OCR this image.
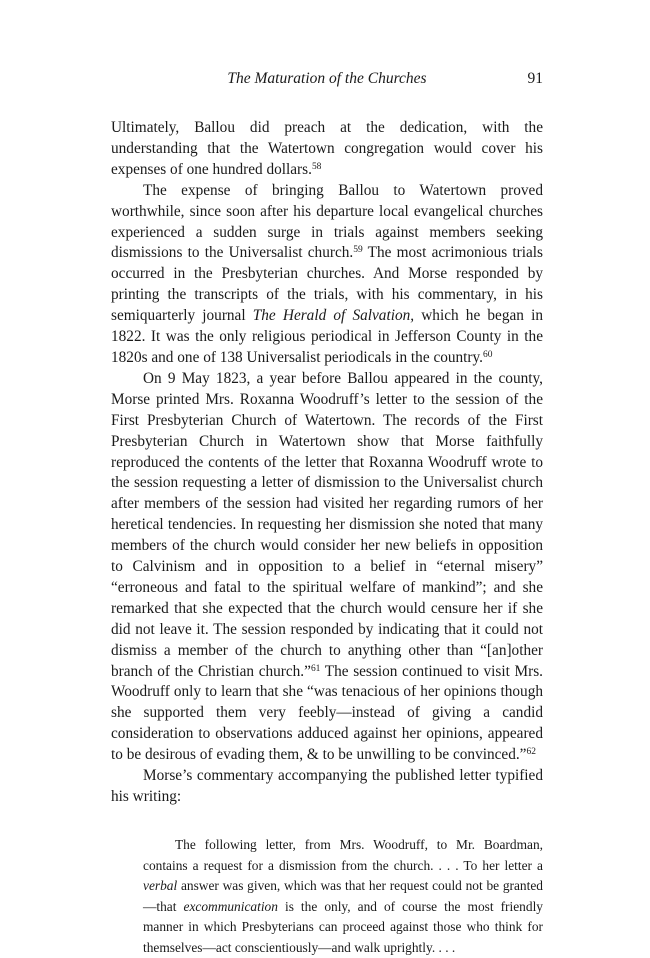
The Maturation of the Churches	91

Ultimately, Ballou did preach at the dedication, with the understanding that the Watertown congregation would cover his expenses of one hundred dollars.$^{58}$

The expense of bringing Ballou to Watertown proved worthwhile, since soon after his departure local evangelical churches experienced a sudden surge in trials against members seeking dismissions to the Universalist church.$^{59}$ The most acrimonious trials occurred in the Presbyterian churches. And Morse responded by printing the transcripts of the trials, with his commentary, in his semiquarterly journal The Herald of Salvation, which he began in 1822. It was the only religious periodical in Jefferson County in the 1820s and one of 138 Universalist periodicals in the country.$^{60}$

On 9 May 1823, a year before Ballou appeared in the county, Morse printed Mrs. Roxanna Woodruff’s letter to the session of the First Presbyterian Church of Watertown. The records of the First Presbyterian Church in Watertown show that Morse faithfully reproduced the contents of the letter that Roxanna Woodruff wrote to the session requesting a letter of dismission to the Universalist church after members of the session had visited her regarding rumors of her heretical tendencies. In requesting her dismission she noted that many members of the church would consider her new beliefs in opposition to Calvinism and in opposition to a belief in “eternal misery” “erroneous and fatal to the spiritual welfare of mankind”; and she remarked that she expected that the church would censure her if she did not leave it. The session responded by indicating that it could not dismiss a member of the church to anything other than “[an]other branch of the Christian church.”$^{61}$ The session continued to visit Mrs. Woodruff only to learn that she “was tenacious of her opinions though she supported them very feebly—instead of giving a candid consideration to observations adduced against her opinions, appeared to be desirous of evading them, & to be unwilling to be convinced.”$^{62}$

Morse’s commentary accompanying the published letter typified his writing:

The following letter, from Mrs. Woodruff, to Mr. Boardman, contains a request for a dismission from the church. . . . To her letter a verbal answer was given, which was that her request could not be granted—that excommunication is the only, and of course the most friendly manner in which Presbyterians can proceed against those who think for themselves—act conscientiously—and walk uprightly. . . .
